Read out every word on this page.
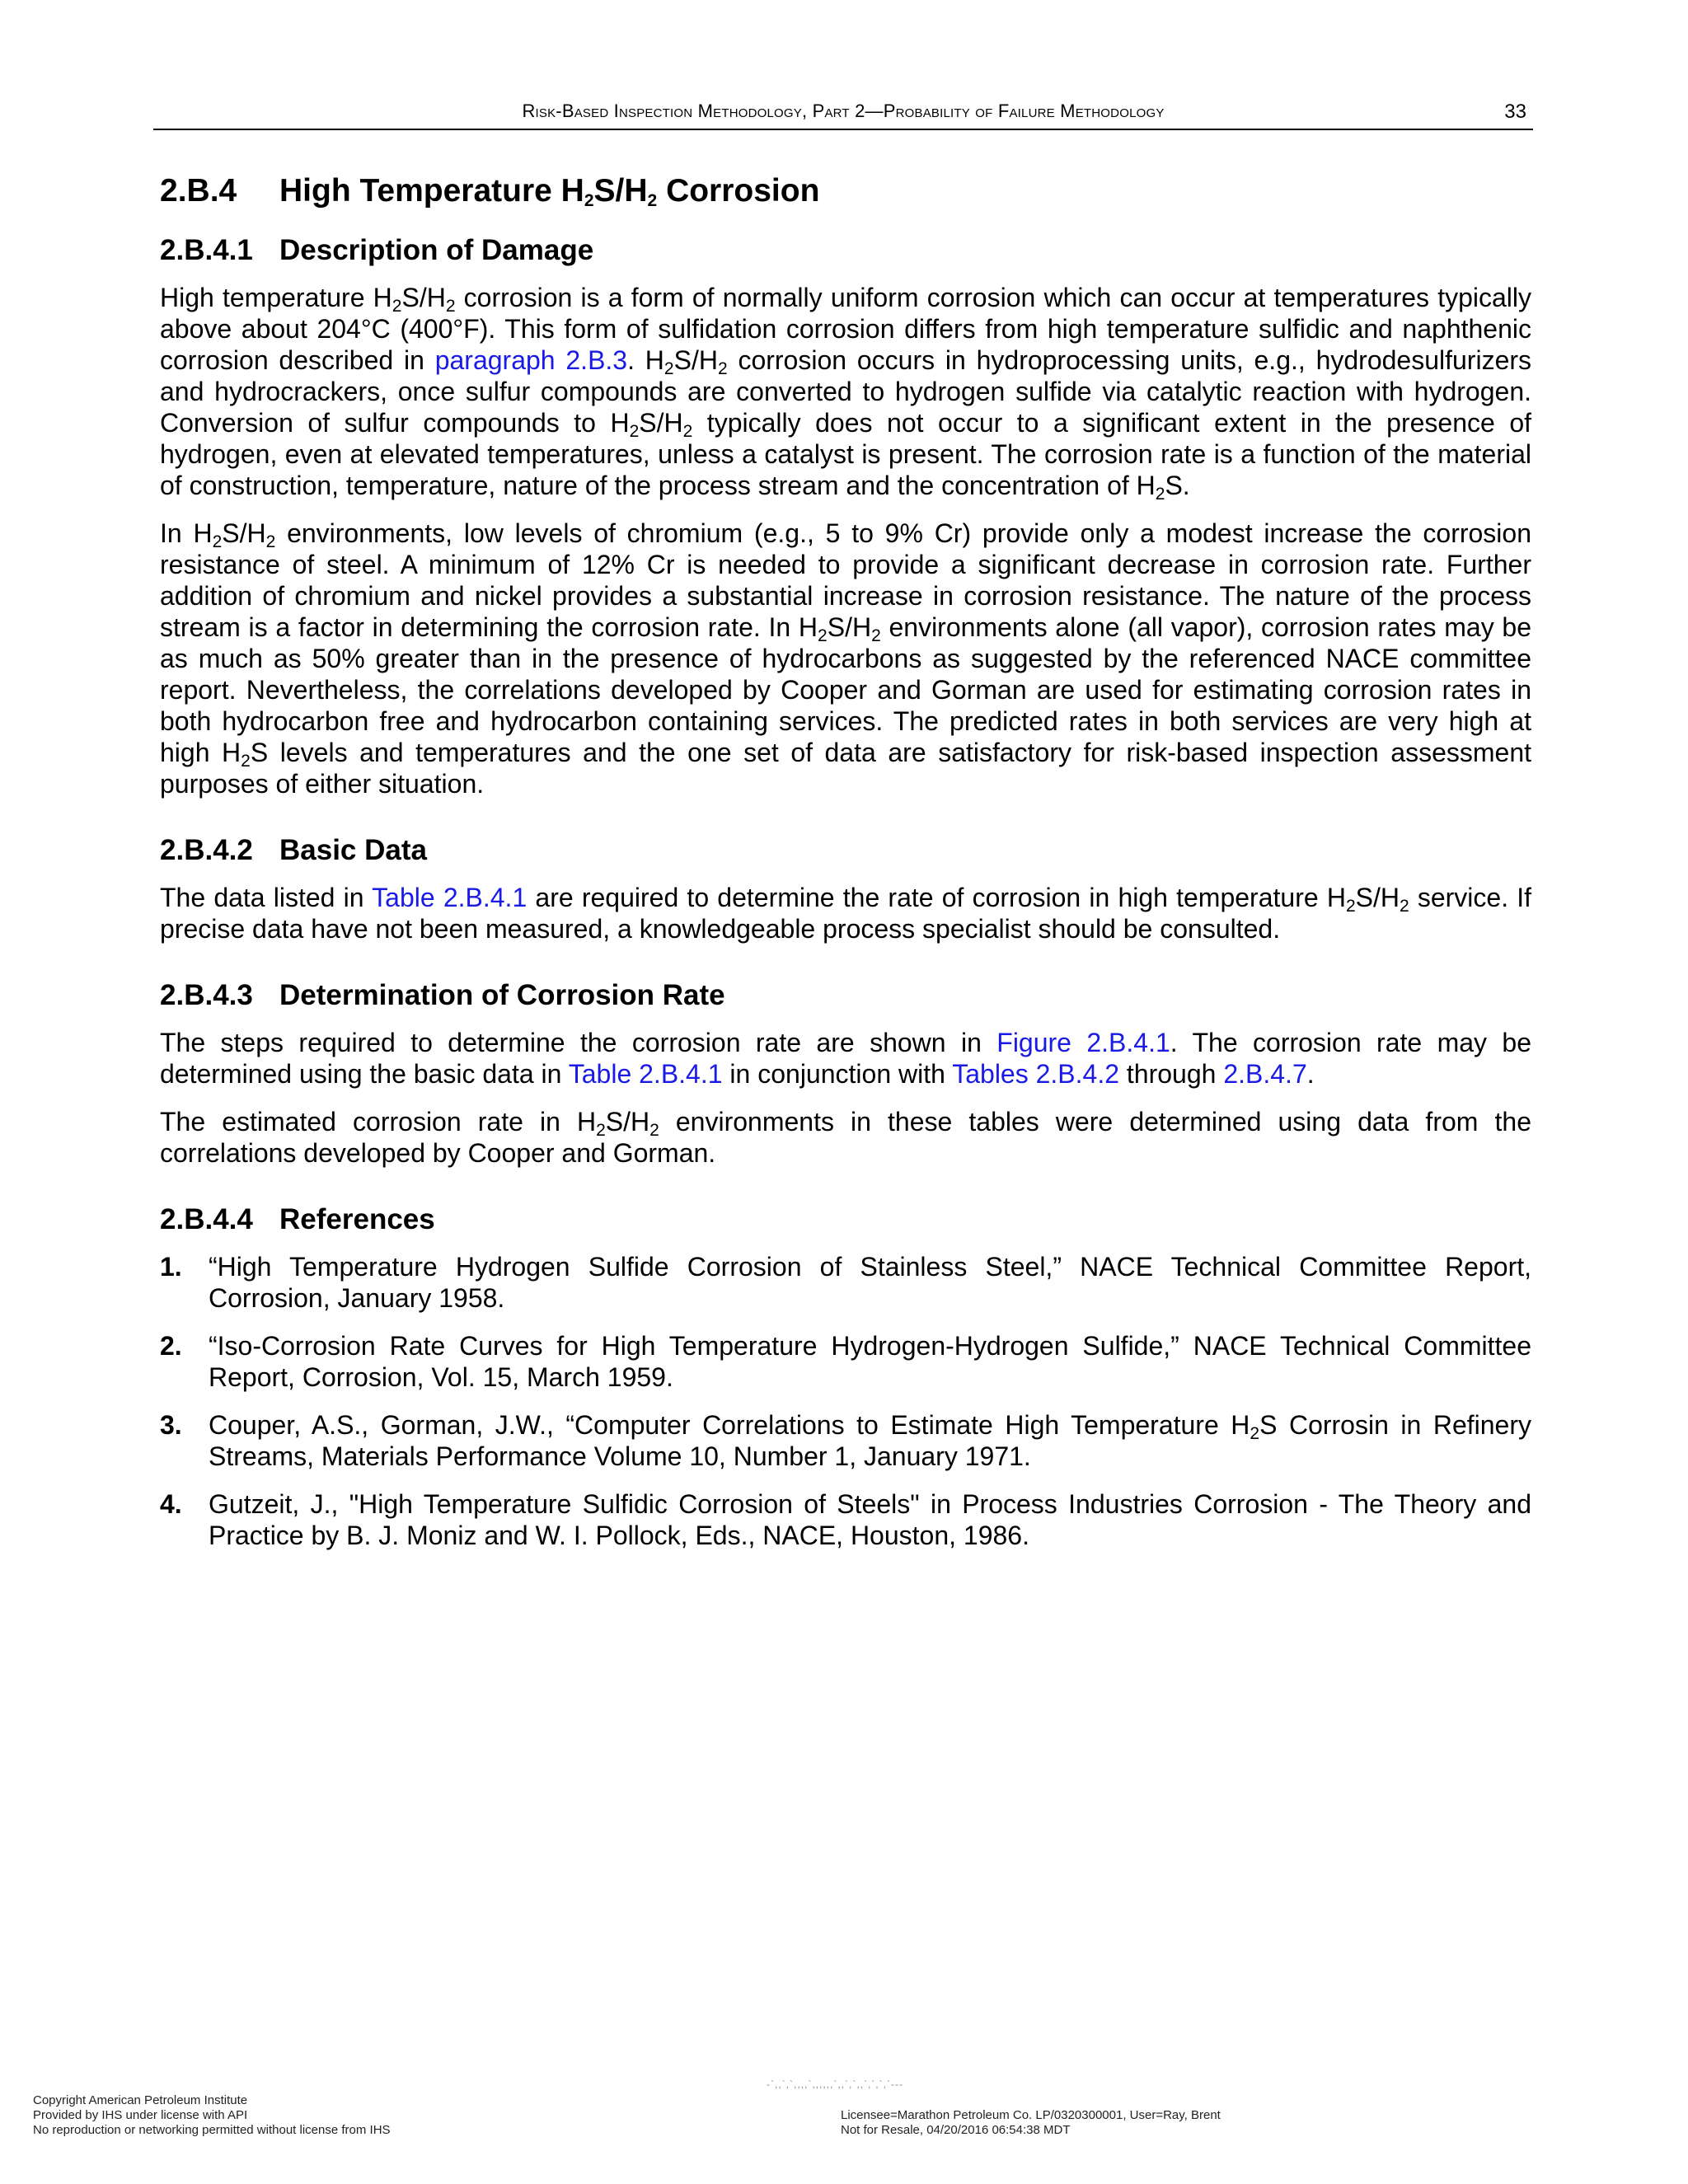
Risk-Based Inspection Methodology, Part 2—Probability of Failure Methodology	33
2.B.4 High Temperature $H_2S/H_2$ Corrosion
2.B.4.1 Description of Damage

High temperature $H_2S/H_2$ corrosion is a form of normally uniform corrosion which can occur at temperatures typically above about 204°C (400°F). This form of sulfidation corrosion differs from high temperature sulfidic and naphthenic corrosion described in paragraph 2.B.3. $H_2S/H_2$ corrosion occurs in hydroprocessing units, e.g., hydrodesulfurizers and hydrocrackers, once sulfur compounds are converted to hydrogen sulfide via catalytic reaction with hydrogen. Conversion of sulfur compounds to $H_2S/H_2$ typically does not occur to a significant extent in the presence of hydrogen, even at elevated temperatures, unless a catalyst is present. The corrosion rate is a function of the material of construction, temperature, nature of the process stream and the concentration of $H_2S$.

In $H_2S/H_2$ environments, low levels of chromium (e.g., 5 to 9% Cr) provide only a modest increase the corrosion resistance of steel. A minimum of 12% Cr is needed to provide a significant decrease in corrosion rate. Further addition of chromium and nickel provides a substantial increase in corrosion resistance. The nature of the process stream is a factor in determining the corrosion rate. In $H_2S/H_2$ environments alone (all vapor), corrosion rates may be as much as 50% greater than in the presence of hydrocarbons as suggested by the referenced NACE committee report. Nevertheless, the correlations developed by Cooper and Gorman are used for estimating corrosion rates in both hydrocarbon free and hydrocarbon containing services. The predicted rates in both services are very high at high $H_2S$ levels and temperatures and the one set of data are satisfactory for risk-based inspection assessment purposes of either situation.

2.B.4.2 Basic Data

The data listed in Table 2.B.4.1 are required to determine the rate of corrosion in high temperature $H_2S/H_2$ service. If precise data have not been measured, a knowledgeable process specialist should be consulted.

2.B.4.3 Determination of Corrosion Rate

The steps required to determine the corrosion rate are shown in Figure 2.B.4.1. The corrosion rate may be determined using the basic data in Table 2.B.4.1 in conjunction with Tables 2.B.4.2 through 2.B.4.7.

The estimated corrosion rate in $H_2S/H_2$ environments in these tables were determined using data from the correlations developed by Cooper and Gorman.

2.B.4.4 References
1. “High Temperature Hydrogen Sulfide Corrosion of Stainless Steel,” NACE Technical Committee Report, Corrosion, January 1958.
2. “Iso-Corrosion Rate Curves for High Temperature Hydrogen-Hydrogen Sulfide,” NACE Technical Committee Report, Corrosion, Vol. 15, March 1959.
3. Couper, A.S., Gorman, J.W., “Computer Correlations to Estimate High Temperature $H_2S$ Corrosin in Refinery Streams, Materials Performance Volume 10, Number 1, January 1971.
4. Gutzeit, J., "High Temperature Sulfidic Corrosion of Steels" in Process Industries Corrosion - The Theory and Practice by B. J. Moniz and W. I. Pollock, Eds., NACE, Houston, 1986.
-`,,`,`,,,,`,,,,,,`,,`,`,,`,`,`,`---
Copyright American Petroleum Institute
Provided by IHS under license with API
No reproduction or networking permitted without license from IHS
Licensee=Marathon Petroleum Co. LP/0320300001, User=Ray, Brent
Not for Resale, 04/20/2016 06:54:38 MDT
